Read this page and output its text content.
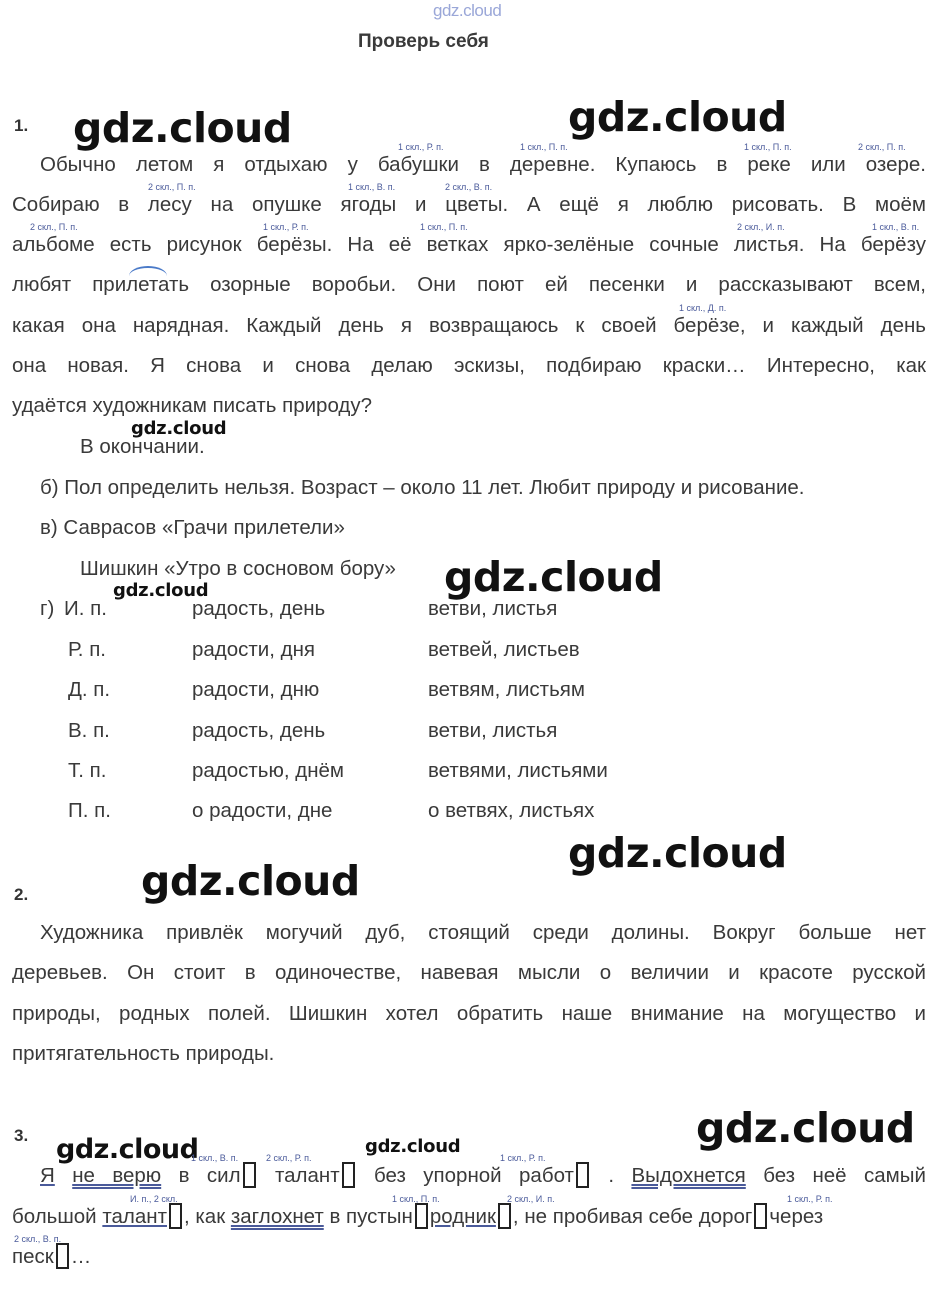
gdz.cloud
Проверь себя
gdz.cloud	gdz.cloud
gdz.cloud
gdz.cloud
gdz.cloud
gdz.cloud
gdz.cloud
gdz.cloud
gdz.cloud	gdz.cloud
1.
1 скл., Р. п.	1 скл., П. п.	1 скл., П. п.	2 скл., П. п.
Обычно летом я отдыхаю у бабушки в деревне. Купаюсь в реке или озере.
2 скл., П. п.	1 скл., В. п.	2 скл., В. п.
Собираю в лесу на опушке ягоды и цветы. А ещё я люблю рисовать. В моём
2 скл., П. п.	1 скл., Р. п.	1 скл., П. п.	2 скл., И. п.	1 скл., В. п.
альбоме есть рисунок берёзы. На её ветках ярко-зелёные сочные листья. На берёзу
любят прилетать озорные воробьи. Они поют ей песенки и рассказывают всем,
1 скл., Д. п.
какая она нарядная. Каждый день я возвращаюсь к своей берёзе, и каждый день
она новая. Я снова и снова делаю эскизы, подбираю краски… Интересно, как
удаётся художникам писать природу?
В окончании.
б) Пол определить нельзя. Возраст – около 11 лет. Любит природу и рисование.
в) Саврасов «Грачи прилетели»
Шишкин «Утро в сосновом бору»
г) И. п.	радость, день	ветви, листья
Р. п.	радости, дня	ветвей, листьев
Д. п.	радости, дню	ветвям, листьям
В. п.	радость, день	ветви, листья
Т. п.	радостью, днём	ветвями, листьями
П. п.	о радости, дне	о ветвях, листьях
2.
Художника привлёк могучий дуб, стоящий среди долины. Вокруг больше нет
деревьев. Он стоит в одиночестве, навевая мысли о величии и красоте русской
природы, родных полей. Шишкин хотел обратить наше внимание на могущество и
притягательность природы.
3.
1 скл., В. п.	2 скл., Р. п.	1 скл., Р. п.
Я не верю в сил талант без упорной работ . Выдохнется без неё самый
И. п., 2 скл.	1 скл., П. п.	2 скл., И. п.	1 скл., Р. п.
большой талант , как заглохнет в пустын родник , не пробивая себе дорог через
2 скл., В. п.
песк …
